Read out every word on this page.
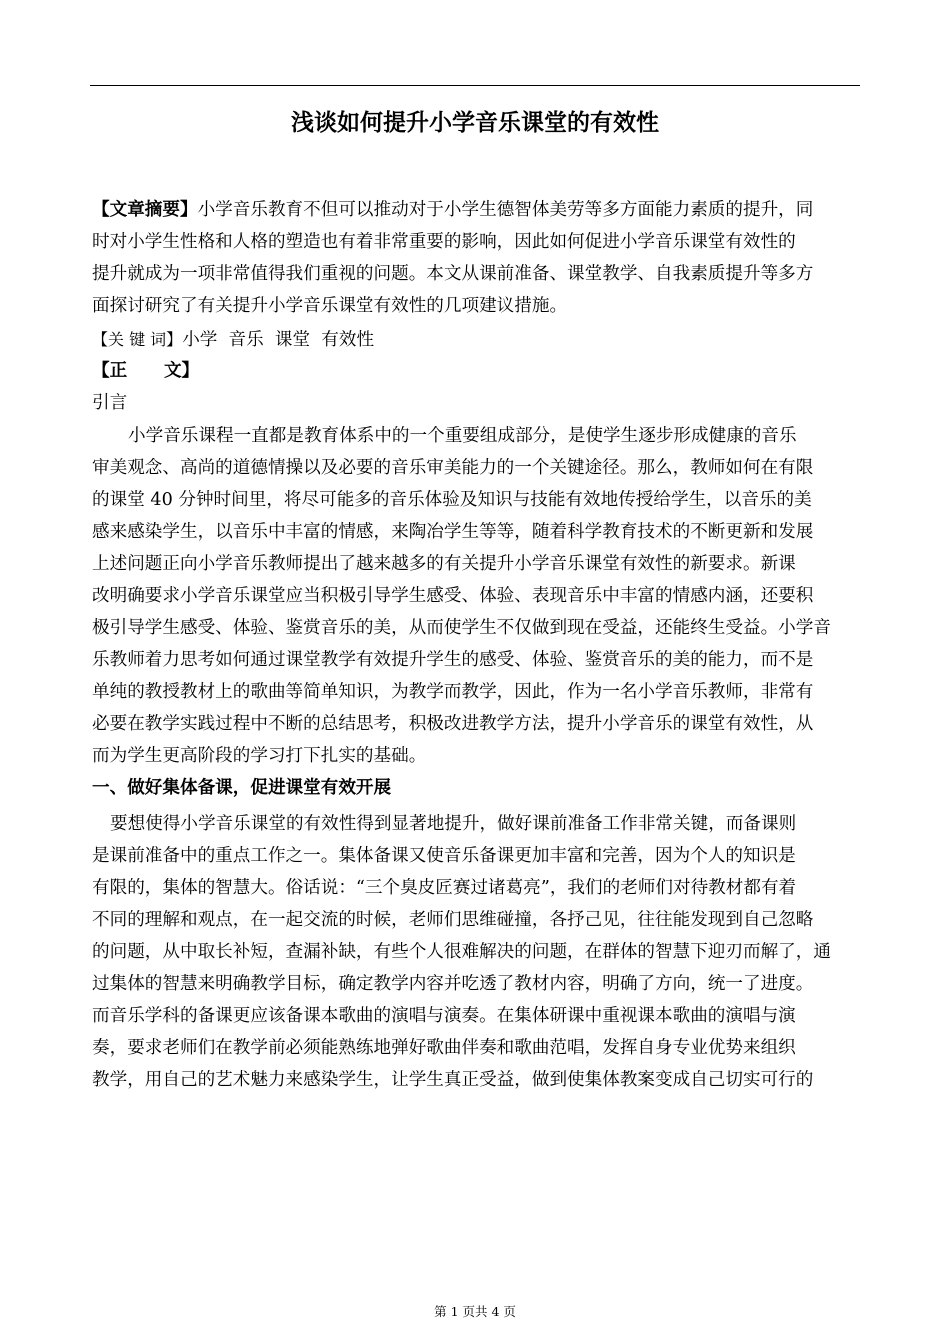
浅谈如何提升小学音乐课堂的有效性
【文章摘要】小学音乐教育不但可以推动对于小学生德智体美劳等多方面能力素质的提升，同
时对小学生性格和人格的塑造也有着非常重要的影响，因此如何促进小学音乐课堂有效性的
提升就成为一项非常值得我们重视的问题。本文从课前准备、课堂教学、自我素质提升等多方
面探讨研究了有关提升小学音乐课堂有效性的几项建议措施。
【关 键 词】小学  音乐  课堂  有效性
【正      文】
引言
小学音乐课程一直都是教育体系中的一个重要组成部分，是使学生逐步形成健康的音乐
审美观念、高尚的道德情操以及必要的音乐审美能力的一个关键途径。那么，教师如何在有限
的课堂 40 分钟时间里，将尽可能多的音乐体验及知识与技能有效地传授给学生，以音乐的美
感来感染学生，以音乐中丰富的情感，来陶冶学生等等，随着科学教育技术的不断更新和发展
上述问题正向小学音乐教师提出了越来越多的有关提升小学音乐课堂有效性的新要求。新课
改明确要求小学音乐课堂应当积极引导学生感受、体验、表现音乐中丰富的情感内涵，还要积
极引导学生感受、体验、鉴赏音乐的美，从而使学生不仅做到现在受益，还能终生受益。小学音
乐教师着力思考如何通过课堂教学有效提升学生的感受、体验、鉴赏音乐的美的能力，而不是
单纯的教授教材上的歌曲等简单知识，为教学而教学，因此，作为一名小学音乐教师，非常有
必要在教学实践过程中不断的总结思考，积极改进教学方法，提升小学音乐的课堂有效性，从
而为学生更高阶段的学习打下扎实的基础。
一、做好集体备课，促进课堂有效开展
要想使得小学音乐课堂的有效性得到显著地提升，做好课前准备工作非常关键，而备课则
是课前准备中的重点工作之一。集体备课又使音乐备课更加丰富和完善，因为个人的知识是
有限的，集体的智慧大。俗话说：“三个臭皮匠赛过诸葛亮”，我们的老师们对待教材都有着
不同的理解和观点，在一起交流的时候，老师们思维碰撞，各抒己见，往往能发现到自己忽略
的问题，从中取长补短，查漏补缺，有些个人很难解决的问题，在群体的智慧下迎刃而解了，通
过集体的智慧来明确教学目标，确定教学内容并吃透了教材内容，明确了方向，统一了进度。
而音乐学科的备课更应该备课本歌曲的演唱与演奏。在集体研课中重视课本歌曲的演唱与演
奏，要求老师们在教学前必须能熟练地弹好歌曲伴奏和歌曲范唱，发挥自身专业优势来组织
教学，用自己的艺术魅力来感染学生，让学生真正受益，做到使集体教案变成自己切实可行的
第 1 页共 4 页
